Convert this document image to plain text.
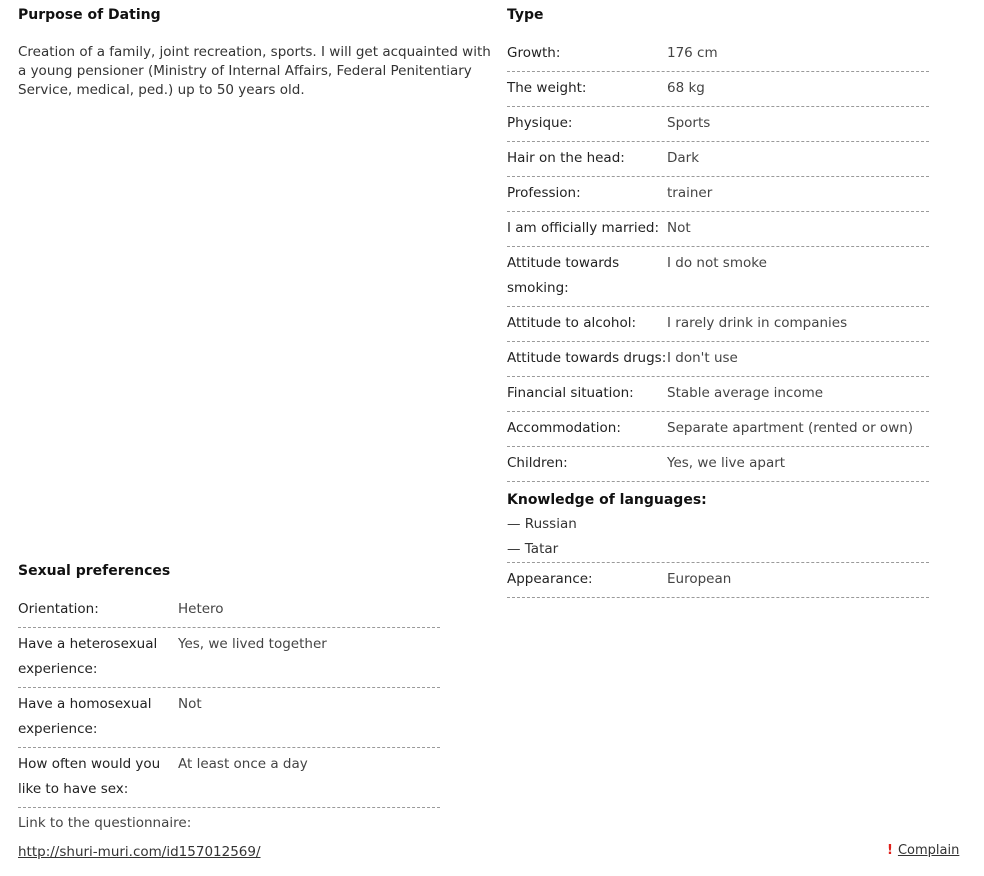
Purpose of Dating
Creation of a family, joint recreation, sports. I will get acquainted with a young pensioner (Ministry of Internal Affairs, Federal Penitentiary Service, medical, ped.) up to 50 years old.
Type
Growth:	176 cm
The weight:	68 kg
Physique:	Sports
Hair on the head:	Dark
Profession:	trainer
I am officially married: Not
Attitude towards smoking:
I do not smoke
Attitude to alcohol:	I rarely drink in companies
Attitude towards drugs: I don't use
Financial situation:	Stable average income
Accommodation:	Separate apartment (rented or own)
Children:	Yes, we live apart
Knowledge of languages:
— Russian
— Tatar
Appearance:	European
Sexual preferences
Orientation:	Hetero
Have a heterosexual experience:
Yes, we lived together
Have a homosexual experience:
Not
How often would you like to have sex:
At least once a day
Link to the questionnaire:
http://shuri-muri.com/id157012569/	! Complain
